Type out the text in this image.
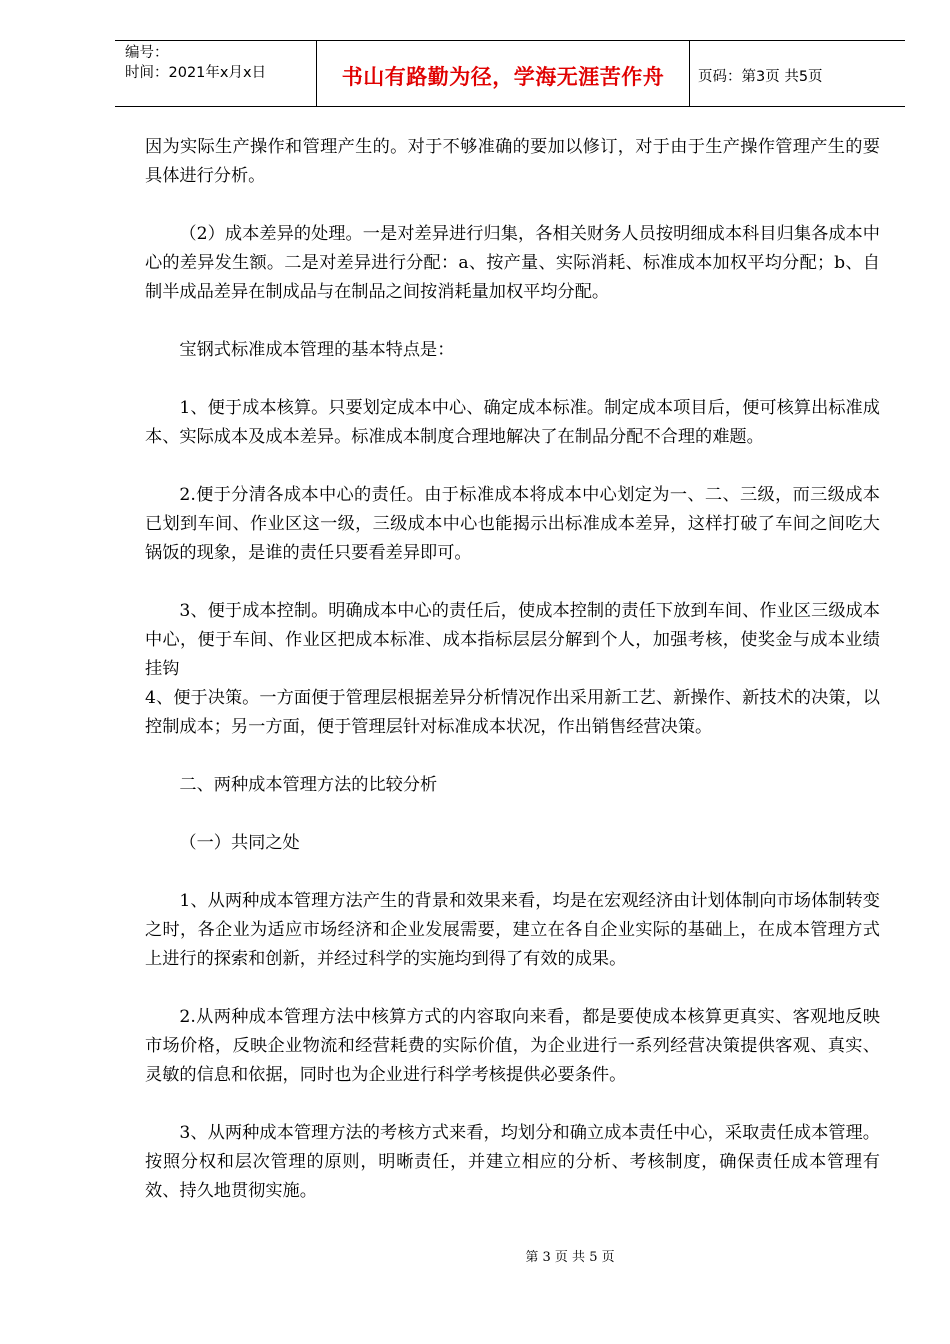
编号：
时间：2021年x月x日	书山有路勤为径，学海无涯苦作舟 页码：第3页 共5页

因为实际生产操作和管理产生的。对于不够准确的要加以修订，对于由于生产操作管理产生的要具体进行分析。

（2）成本差异的处理。一是对差异进行归集，各相关财务人员按明细成本科目归集各成本中心的差异发生额。二是对差异进行分配：a、按产量、实际消耗、标准成本加权平均分配；b、自制半成品差异在制成品与在制品之间按消耗量加权平均分配。

宝钢式标准成本管理的基本特点是：

1、便于成本核算。只要划定成本中心、确定成本标准。制定成本项目后，便可核算出标准成本、实际成本及成本差异。标准成本制度合理地解决了在制品分配不合理的难题。

2.便于分清各成本中心的责任。由于标准成本将成本中心划定为一、二、三级，而三级成本已划到车间、作业区这一级，三级成本中心也能揭示出标准成本差异，这样打破了车间之间吃大锅饭的现象，是谁的责任只要看差异即可。

3、便于成本控制。明确成本中心的责任后，使成本控制的责任下放到车间、作业区三级成本中心，便于车间、作业区把成本标准、成本指标层层分解到个人，加强考核，使奖金与成本业绩挂钩

4、便于决策。一方面便于管理层根据差异分析情况作出采用新工艺、新操作、新技术的决策，以控制成本；另一方面，便于管理层针对标准成本状况，作出销售经营决策。

二、两种成本管理方法的比较分析

（一）共同之处

1、从两种成本管理方法产生的背景和效果来看，均是在宏观经济由计划体制向市场体制转变之时，各企业为适应市场经济和企业发展需要，建立在各自企业实际的基础上，在成本管理方式上进行的探索和创新，并经过科学的实施均到得了有效的成果。

2.从两种成本管理方法中核算方式的内容取向来看，都是要使成本核算更真实、客观地反映市场价格，反映企业物流和经营耗费的实际价值，为企业进行一系列经营决策提供客观、真实、灵敏的信息和依据，同时也为企业进行科学考核提供必要条件。

3、从两种成本管理方法的考核方式来看，均划分和确立成本责任中心，采取责任成本管理。按照分权和层次管理的原则，明晰责任，并建立相应的分析、考核制度，确保责任成本管理有效、持久地贯彻实施。

第 3 页 共 5 页
